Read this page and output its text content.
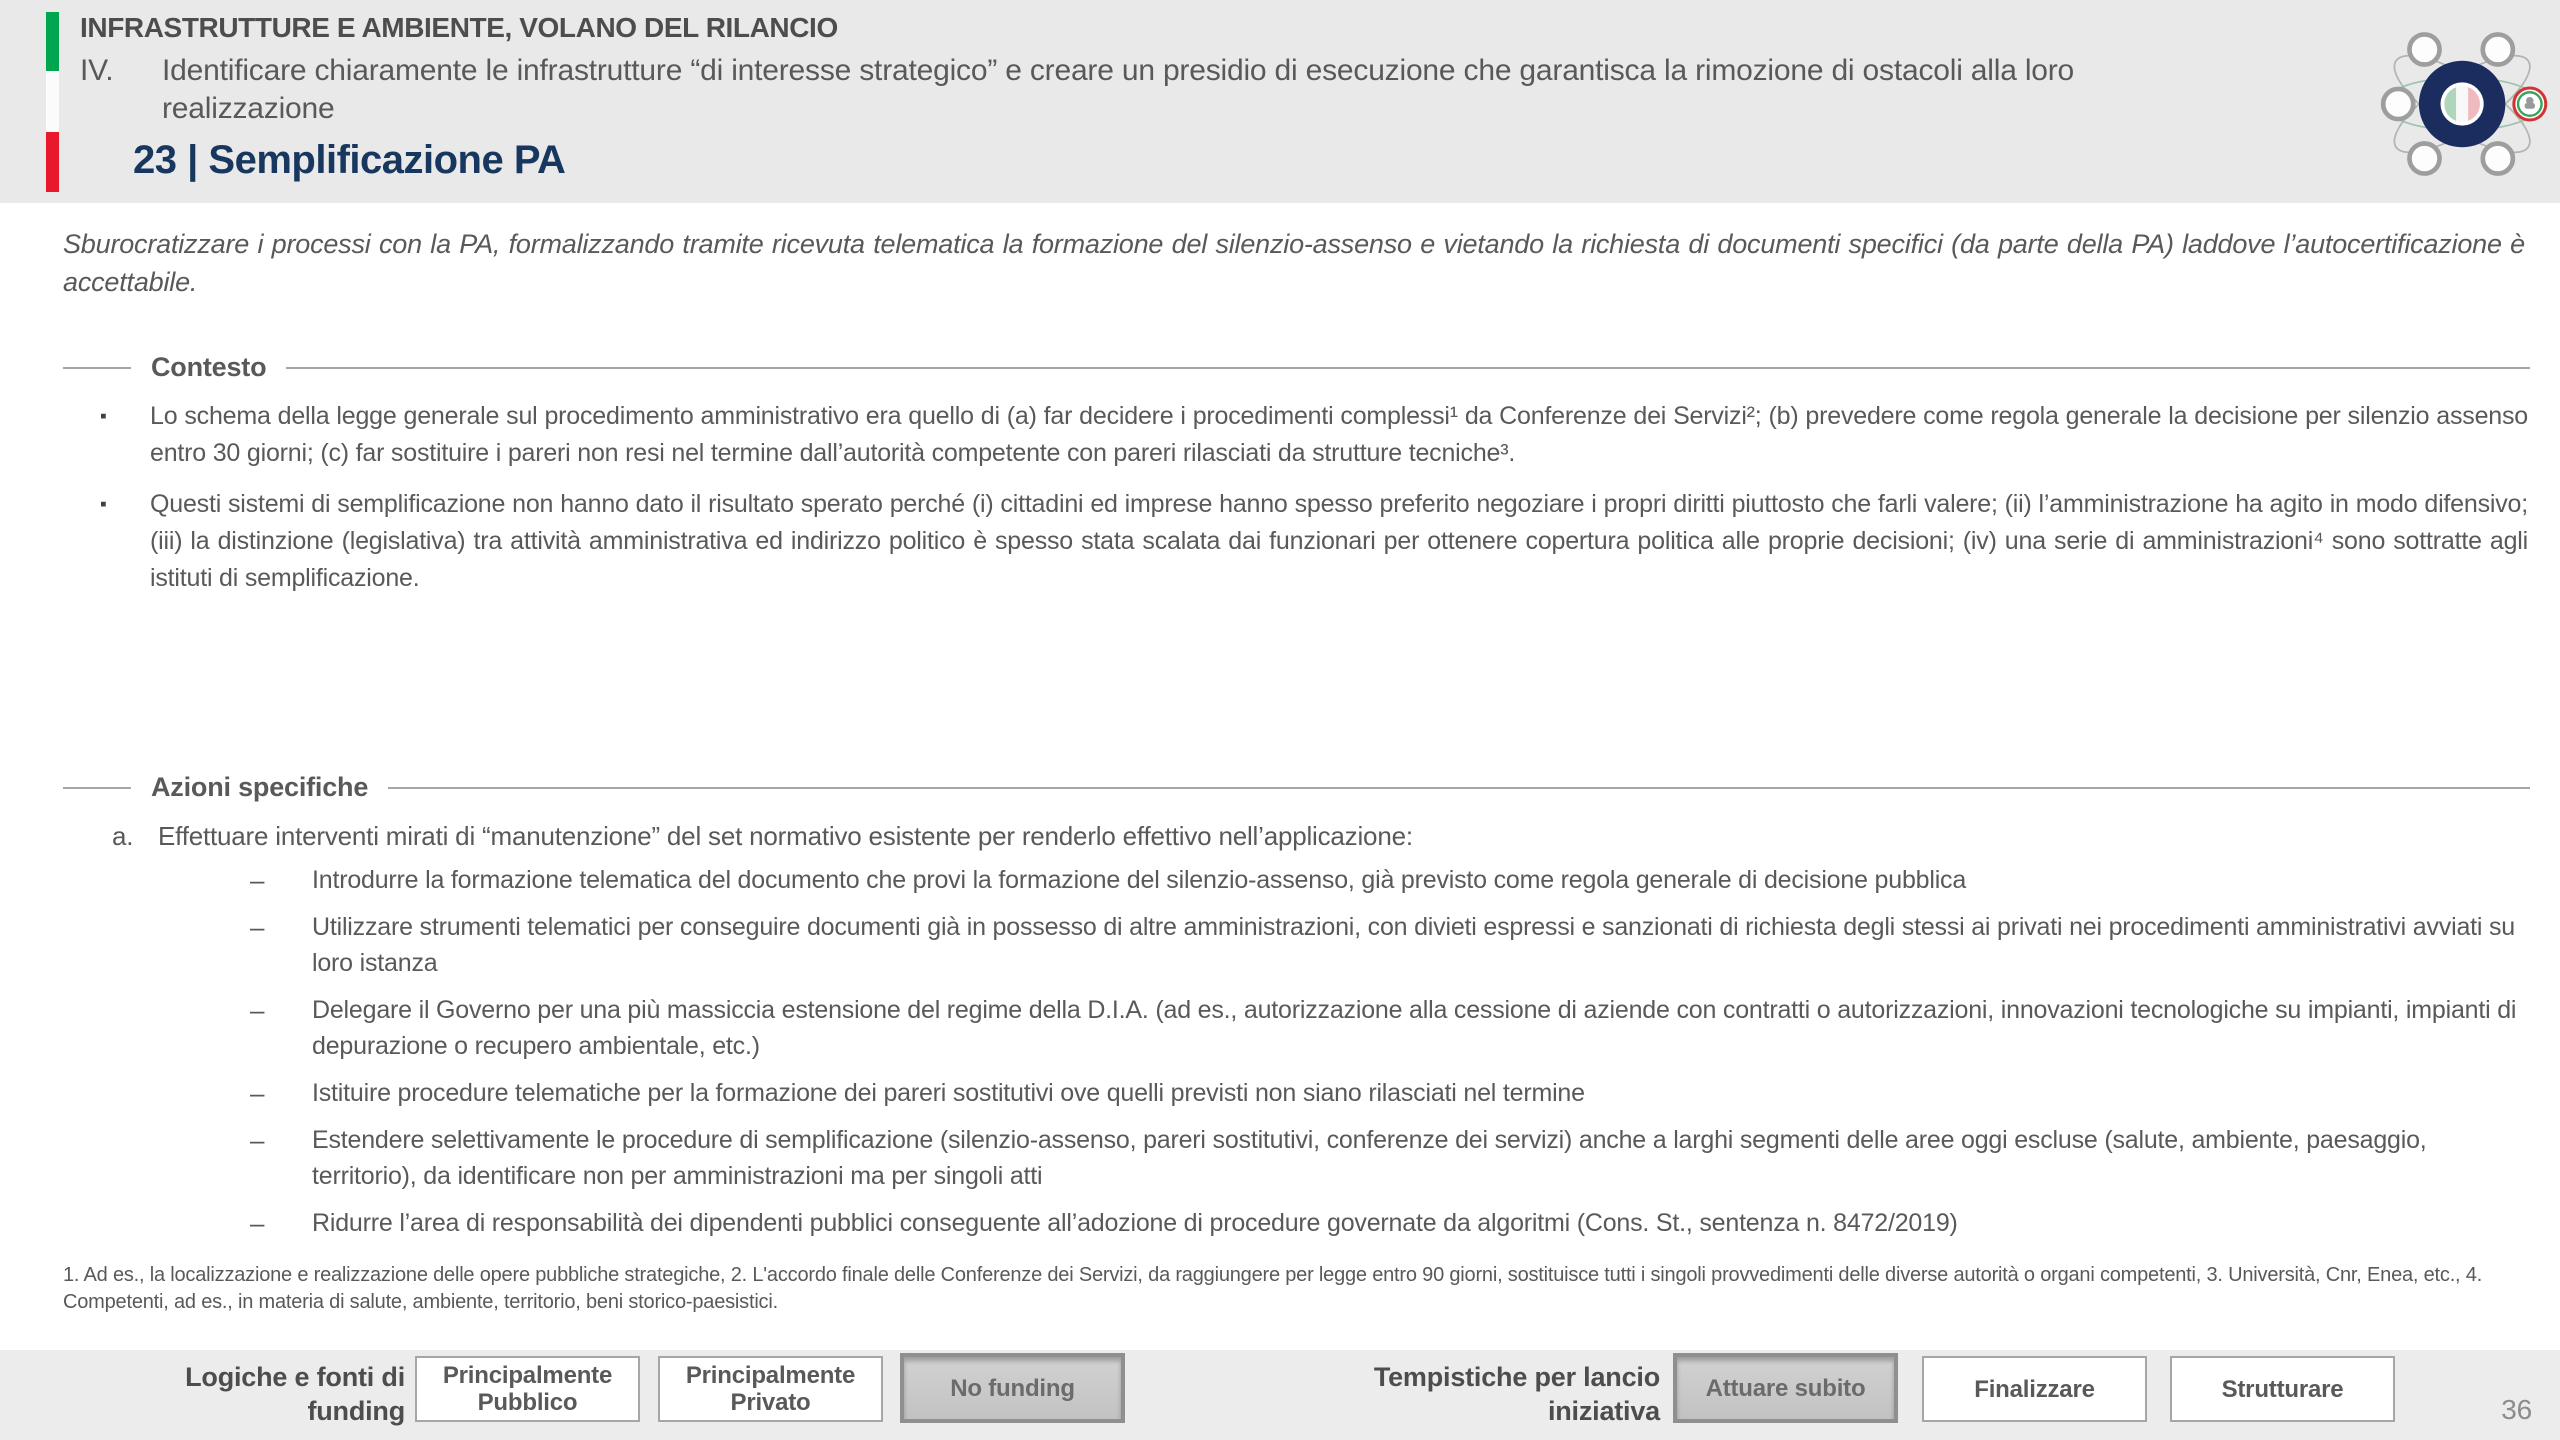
INFRASTRUTTURE E AMBIENTE, VOLANO DEL RILANCIO
IV.	Identificare chiaramente le infrastrutture “di interesse strategico” e creare un presidio di esecuzione che garantisca la rimozione di ostacoli alla loro realizzazione
23 | Semplificazione PA
Sburocratizzare i processi con la PA, formalizzando tramite ricevuta telematica la formazione del silenzio-assenso e vietando la richiesta di documenti specifici (da parte della PA) laddove l’autocertificazione è accettabile.
Contesto
▪	Lo schema della legge generale sul procedimento amministrativo era quello di (a) far decidere i procedimenti complessi¹ da Conferenze dei Servizi²; (b) prevedere come regola generale la decisione per silenzio assenso entro 30 giorni; (c) far sostituire i pareri non resi nel termine dall’autorità competente con pareri rilasciati da strutture tecniche³.
▪	Questi sistemi di semplificazione non hanno dato il risultato sperato perché (i) cittadini ed imprese hanno spesso preferito negoziare i propri diritti piuttosto che farli valere; (ii) l’amministrazione ha agito in modo difensivo; (iii) la distinzione (legislativa) tra attività amministrativa ed indirizzo politico è spesso stata scalata dai funzionari per ottenere copertura politica alle proprie decisioni; (iv) una serie di amministrazioni⁴ sono sottratte agli istituti di semplificazione.
Azioni specifiche
a. Effettuare interventi mirati di “manutenzione” del set normativo esistente per renderlo effettivo nell’applicazione:
–	Introdurre la formazione telematica del documento che provi la formazione del silenzio-assenso, già previsto come regola generale di decisione pubblica
–	Utilizzare strumenti telematici per conseguire documenti già in possesso di altre amministrazioni, con divieti espressi e sanzionati di richiesta degli stessi ai privati nei procedimenti amministrativi avviati su loro istanza
–	Delegare il Governo per una più massiccia estensione del regime della D.I.A. (ad es., autorizzazione alla cessione di aziende con contratti o autorizzazioni, innovazioni tecnologiche su impianti, impianti di depurazione o recupero ambientale, etc.)
–	Istituire procedure telematiche per la formazione dei pareri sostitutivi ove quelli previsti non siano rilasciati nel termine
–	Estendere selettivamente le procedure di semplificazione (silenzio-assenso, pareri sostitutivi, conferenze dei servizi) anche a larghi segmenti delle aree oggi escluse (salute, ambiente, paesaggio, territorio), da identificare non per amministrazioni ma per singoli atti
–	Ridurre l’area di responsabilità dei dipendenti pubblici conseguente all’adozione di procedure governate da algoritmi (Cons. St., sentenza n. 8472/2019)
1. Ad es., la localizzazione e realizzazione delle opere pubbliche strategiche, 2. L'accordo finale delle Conferenze dei Servizi, da raggiungere per legge entro 90 giorni, sostituisce tutti i singoli provvedimenti delle diverse autorità o organi competenti, 3. Università, Cnr, Enea, etc., 4. Competenti, ad es., in materia di salute, ambiente, territorio, beni storico-paesistici.
Logiche e fonti di funding
Principalmente Pubblico
Principalmente Privato
No funding	Tempistiche per lancio iniziativa
Attuare subito	Finalizzare	Strutturare
36
